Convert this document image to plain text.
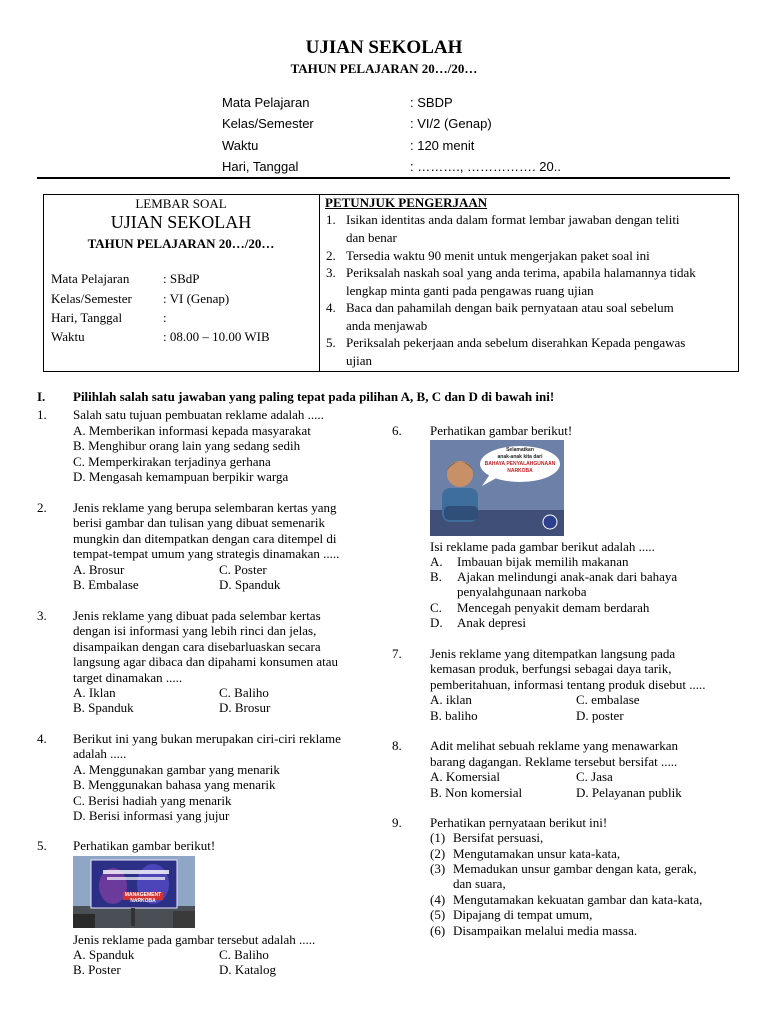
UJIAN SEKOLAH
TAHUN PELAJARAN 20…/20…
Mata Pelajaran	: SBDP
Kelas/Semester	: VI/2 (Genap)
Waktu	: 120 menit
Hari, Tanggal	: ………., ……………. 20..
LEMBAR SOAL
UJIAN SEKOLAH
TAHUN PELAJARAN 20…/20…
Mata Pelajaran	: SBdP
Kelas/Semester : VI (Genap)
Hari, Tanggal	:
Waktu	: 08.00 – 10.00 WIB
PETUNJUK PENGERJAAN
1. Isikan identitas anda dalam format lembar jawaban dengan teliti
dan benar
2. Tersedia waktu 90 menit untuk mengerjakan paket soal ini
3. Periksalah naskah soal yang anda terima, apabila halamannya tidak
lengkap minta ganti pada pengawas ruang ujian
4. Baca dan pahamilah dengan baik pernyataan atau soal sebelum
anda menjawab
5. Periksalah pekerjaan anda sebelum diserahkan Kepada pengawas
ujian
I. Pilihlah salah satu jawaban yang paling tepat pada pilihan A, B, C dan D di bawah ini!
1. Salah satu tujuan pembuatan reklame adalah .....
A. Memberikan informasi kepada masyarakat
B. Menghibur orang lain yang sedang sedih
C. Memperkirakan terjadinya gerhana
D. Mengasah kemampuan berpikir warga
2. Jenis reklame yang berupa selembaran kertas yang
berisi gambar dan tulisan yang dibuat semenarik
mungkin dan ditempatkan dengan cara ditempel di
tempat-tempat umum yang strategis dinamakan .....
A. Brosur	C. Poster
B. Embalase	D. Spanduk
3. Jenis reklame yang dibuat pada selembar kertas
dengan isi informasi yang lebih rinci dan jelas,
disampaikan dengan cara disebarluaskan secara
langsung agar dibaca dan dipahami konsumen atau
target dinamakan .....
A. Iklan	C. Baliho
B. Spanduk	D. Brosur
4. Berikut ini yang bukan merupakan ciri-ciri reklame
adalah .....
A. Menggunakan gambar yang menarik
B. Menggunakan bahasa yang menarik
C. Berisi hadiah yang menarik
D. Berisi informasi yang jujur
5. Perhatikan gambar berikut!
MANAGEMENT NARKOBA
Jenis reklame pada gambar tersebut adalah .....
A. Spanduk	C. Baliho
B. Poster	D. Katalog
6. Perhatikan gambar berikut!
Selamatkan
anak-anak kita dari
BAHAYA PENYALAHGUNAAN
NARKOBA
Isi reklame pada gambar berikut adalah .....
A. Imbauan bijak memilih makanan
B. Ajakan melindungi anak-anak dari bahaya
penyalahgunaan narkoba
C. Mencegah penyakit demam berdarah
D. Anak depresi
7. Jenis reklame yang ditempatkan langsung pada
kemasan produk, berfungsi sebagai daya tarik,
pemberitahuan, informasi tentang produk disebut .....
A. iklan	C. embalase
B. baliho	D. poster
8. Adit melihat sebuah reklame yang menawarkan
barang dagangan. Reklame tersebut bersifat .....
A. Komersial	C. Jasa
B. Non komersial	D. Pelayanan publik
9. Perhatikan pernyataan berikut ini!
(1) Bersifat persuasi,
(2) Mengutamakan unsur kata-kata,
(3) Memadukan unsur gambar dengan kata, gerak,
dan suara,
(4) Mengutamakan kekuatan gambar dan kata-kata,
(5) Dipajang di tempat umum,
(6) Disampaikan melalui media massa.
